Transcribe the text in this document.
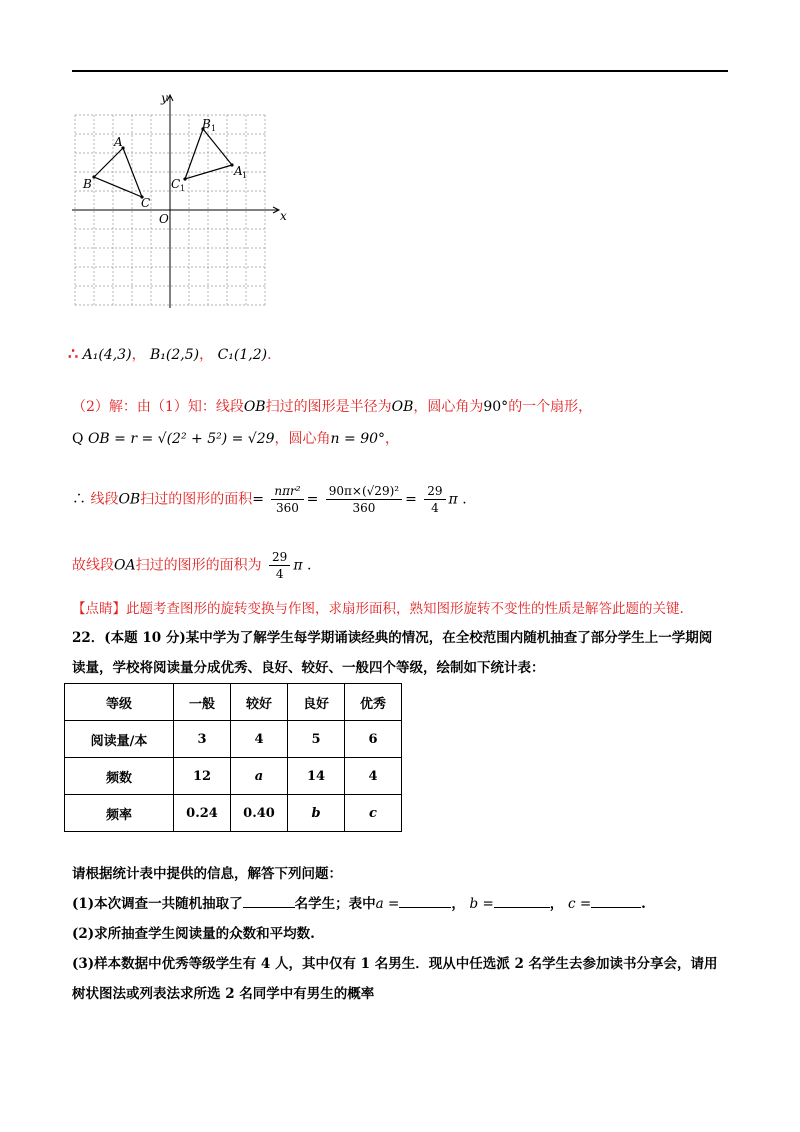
x
y
O
A
B
C
B
A
C
1
1
1
∴ A₁(4,3)， B₁(2,5)， C₁(1,2).
（2）解：由（1）知：线段OB扫过的图形是半径为OB，圆心角为90°的一个扇形，
Q OB = r = √(2² + 5²) = √29，圆心角n = 90°，
∴ 线段OB扫过的图形的面积= $\frac{\text{nπr²}}{360} = \frac{\text{90π×(√29)²}}{360} = \frac{29}{4}$ π .
故线段OA扫过的图形的面积为 $\frac{29}{4}$ π .
【点睛】此题考查图形的旋转变换与作图，求扇形面积，熟知图形旋转不变性的性质是解答此题的关键.
22．(本题 10 分)某中学为了解学生每学期诵读经典的情况，在全校范围内随机抽查了部分学生上一学期阅
读量，学校将阅读量分成优秀、良好、较好、一般四个等级，绘制如下统计表：
等级	一般	较好	良好	优秀
阅读量/本	3	4	5	6
频数	12	a	14	4
频率	0.24	0.40	b	c
请根据统计表中提供的信息，解答下列问题：
(1)本次调查一共随机抽取了	名学生；表中a =	， b =	， c =	.
(2)求所抽查学生阅读量的众数和平均数.
(3)样本数据中优秀等级学生有 4 人，其中仅有 1 名男生．现从中任选派 2 名学生去参加读书分享会，请用
树状图法或列表法求所选 2 名同学中有男生的概率
